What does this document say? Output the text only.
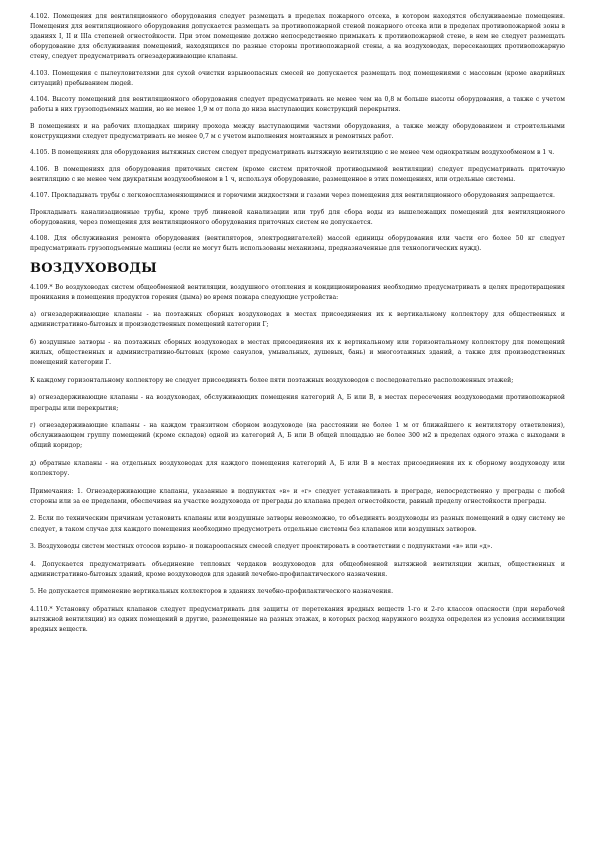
4.102. Помещения для вентиляционного оборудования следует размещать в пределах пожарного отсека, в котором находятся обслуживаемые помещения. Помещения для вентиляционного оборудования допускается размещать за противопожарной стеной пожарного отсека или в пределах противопожарной зоны в зданиях I, II и IIIа степеней огнестойкости. При этом помещение должно непосредственно примыкать к противопожарной стене, в нем не следует размещать оборудование для обслуживания помещений, находящихся по разные стороны противопожарной стены, а на воздуховодах, пересекающих противопожарную стену, следует предусматривать огнезадерживающие клапаны.

4.103. Помещения с пылеуловителями для сухой очистки взрывоопасных смесей не допускается размещать под помещениями с массовым (кроме аварийных ситуаций) пребыванием людей.

4.104. Высоту помещений для вентиляционного оборудования следует предусматривать не менее чем на 0,8 м больше высоты оборудования, а также с учетом работы в них грузоподъемных машин, но не менее 1,9 м от пола до низа выступающих конструкций перекрытия.

В помещениях и на рабочих площадках ширину прохода между выступающими частями оборудования, а также между оборудованием и строительными конструкциями следует предусматривать не менее 0,7 м с учетом выполнения монтажных и ремонтных работ.

4.105. В помещениях для оборудования вытяжных систем следует предусматривать вытяжную вентиляцию с не менее чем однократным воздухообменом в 1 ч.

4.106. В помещениях для оборудования приточных систем (кроме систем приточной противодымной вентиляции) следует предусматривать приточную вентиляцию с не менее чем двукратным воздухообменом в 1 ч, используя оборудование, размещенное в этих помещениях, или отдельные системы.

4.107. Прокладывать трубы с легковоспламеняющимися и горючими жидкостями и газами через помещения для вентиляционного оборудования запрещается.

Прокладывать канализационные трубы, кроме труб ливневой канализации или труб для сбора воды из вышележащих помещений для вентиляционного оборудования, через помещения для вентиляционного оборудования приточных систем не допускается.

4.108. Для обслуживания ремонта оборудования (вентиляторов, электродвигателей) массой единицы оборудования или части его более 50 кг следует предусматривать грузоподъемные машины (если не могут быть использованы механизмы, предназначенные для технологических нужд).

ВОЗДУХОВОДЫ

4.109.* Во воздуховодах систем общеобменной вентиляции, воздушного отопления и кондиционирования необходимо предусматривать в целях предотвращения проникания в помещения продуктов горения (дыма) во время пожара следующие устройства:

а) огнезадерживающие клапаны - на поэтажных сборных воздуховодах в местах присоединения их к вертикальному коллектору для общественных и административно-бытовых и производственных помещений категории Г;

б) воздушные затворы - на поэтажных сборных воздуховодах в местах присоединения их к вертикальному или горизонтальному коллектору для помещений жилых, общественных и административно-бытовых (кроме санузлов, умывальных, душевых, бань) и многоэтажных зданий, а также для производственных помещений категории Г.

К каждому горизонтальному коллектору не следует присоединять более пяти поэтажных воздуховодов с последовательно расположенных этажей;

в) огнезадерживающие клапаны - на воздуховодах, обслуживающих помещения категорий А, Б или В, в местах пересечения воздуховодами противопожарной преграды или перекрытия;

г) огнезадерживающие клапаны - на каждом транзитном сборном воздуховоде (на расстоянии не более 1 м от ближайшего к вентилятору ответвления), обслуживающем группу помещений (кроме складов) одной из категорий А, Б или В общей площадью не более 300 м2 в пределах одного этажа с выходами в общий коридор;

д) обратные клапаны - на отдельных воздуховодах для каждого помещения категорий А, Б или В в местах присоединения их к сборному воздуховоду или коллектору.

Примечания: 1. Огнезадерживающие клапаны, указанные в подпунктах «в» и «г» следует устанавливать в преграде, непосредственно у преграды с любой стороны или за ее пределами, обеспечивая на участке воздуховода от преграды до клапана предел огнестойкости, равный пределу огнестойкости преграды.

2. Если по техническим причинам установить клапаны или воздушные затворы невозможно, то объединять воздуховоды из разных помещений в одну систему не следует, в таком случае для каждого помещения необходимо предусмотреть отдельные системы без клапанов или воздушных затворов.

3. Воздуховоды систем местных отсосов взрыво- и пожароопасных смесей следует проектировать в соответствии с подпунктами «в» или «д».

4. Допускается предусматривать объединение тепловых чердаков воздуховодов для общеобменной вытяжной вентиляции жилых, общественных и административно-бытовых зданий, кроме воздуховодов для зданий лечебно-профилактического назначения.

5. Не допускается применение вертикальных коллекторов в зданиях лечебно-профилактического назначения.

4.110.* Установку обратных клапанов следует предусматривать для защиты от перетекания вредных веществ 1-го и 2-го классов опасности (при нерабочей вытяжной вентиляции) из одних помещений в другие, размещенные на разных этажах, в которых расход наружного воздуха определен из условия ассимиляции вредных веществ.
